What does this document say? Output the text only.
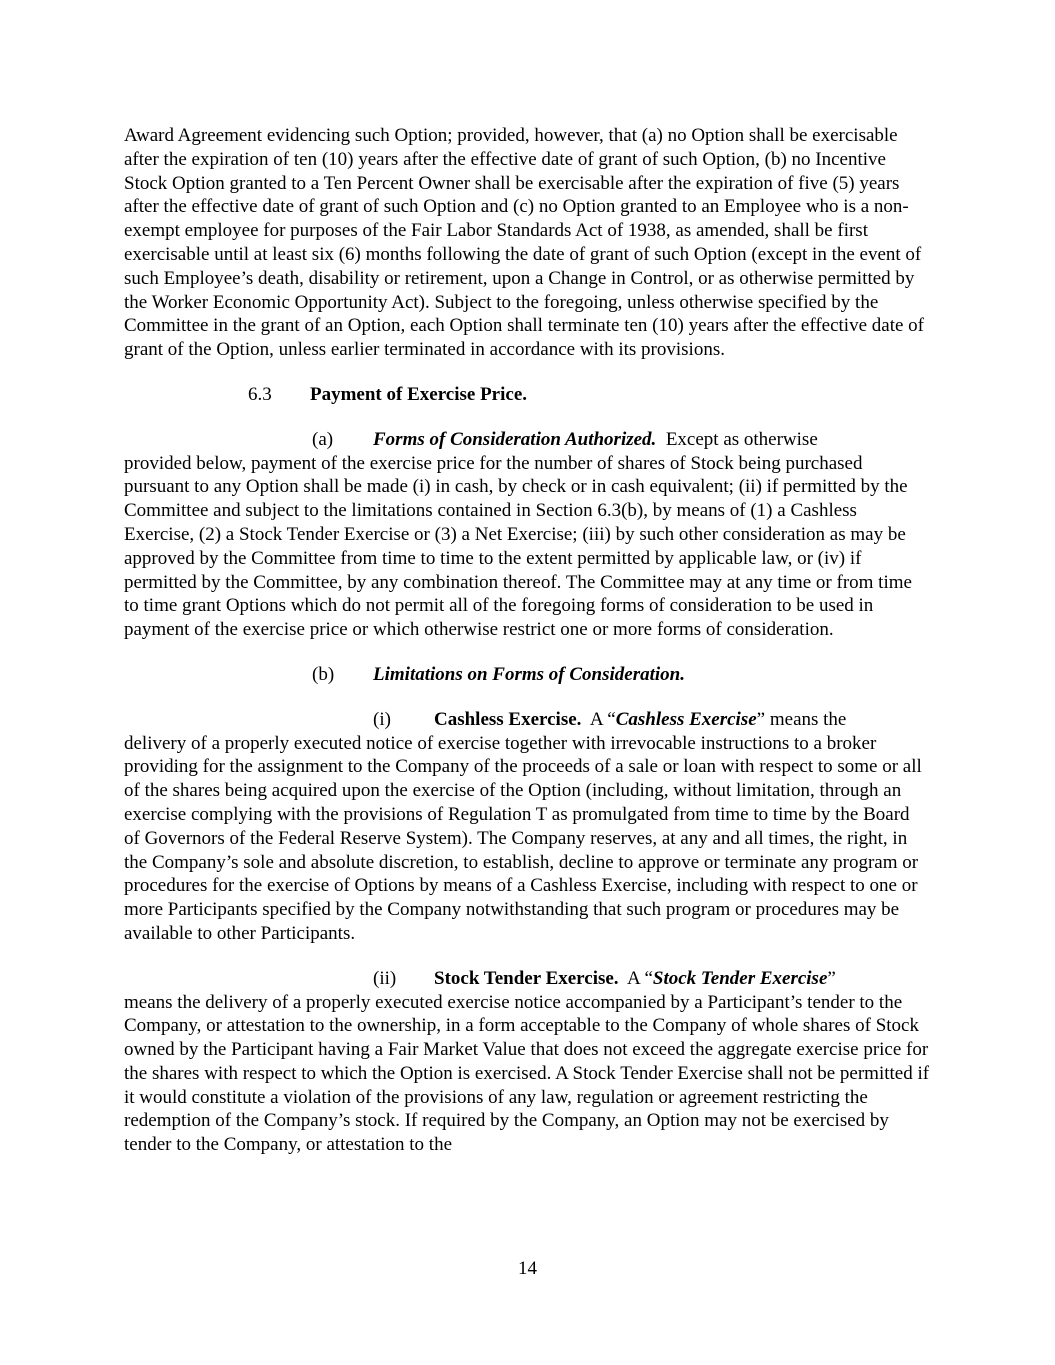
Award Agreement evidencing such Option; provided, however, that (a) no Option shall be exercisable after the expiration of ten (10) years after the effective date of grant of such Option, (b) no Incentive Stock Option granted to a Ten Percent Owner shall be exercisable after the expiration of five (5) years after the effective date of grant of such Option and (c) no Option granted to an Employee who is a non-exempt employee for purposes of the Fair Labor Standards Act of 1938, as amended, shall be first exercisable until at least six (6) months following the date of grant of such Option (except in the event of such Employee’s death, disability or retirement, upon a Change in Control, or as otherwise permitted by the Worker Economic Opportunity Act). Subject to the foregoing, unless otherwise specified by the Committee in the grant of an Option, each Option shall terminate ten (10) years after the effective date of grant of the Option, unless earlier terminated in accordance with its provisions.

6.3 Payment of Exercise Price.

(a) Forms of Consideration Authorized. Except as otherwise
provided below, payment of the exercise price for the number of shares of Stock being purchased pursuant to any Option shall be made (i) in cash, by check or in cash equivalent; (ii) if permitted by the Committee and subject to the limitations contained in Section 6.3(b), by means of (1) a Cashless Exercise, (2) a Stock Tender Exercise or (3) a Net Exercise; (iii) by such other consideration as may be approved by the Committee from time to time to the extent permitted by applicable law, or (iv) if permitted by the Committee, by any combination thereof. The Committee may at any time or from time to time grant Options which do not permit all of the foregoing forms of consideration to be used in payment of the exercise price or which otherwise restrict one or more forms of consideration.

(b) Limitations on Forms of Consideration.

(i) Cashless Exercise. A “Cashless Exercise” means the
delivery of a properly executed notice of exercise together with irrevocable instructions to a broker providing for the assignment to the Company of the proceeds of a sale or loan with respect to some or all of the shares being acquired upon the exercise of the Option (including, without limitation, through an exercise complying with the provisions of Regulation T as promulgated from time to time by the Board of Governors of the Federal Reserve System). The Company reserves, at any and all times, the right, in the Company’s sole and absolute discretion, to establish, decline to approve or terminate any program or procedures for the exercise of Options by means of a Cashless Exercise, including with respect to one or more Participants specified by the Company notwithstanding that such program or procedures may be available to other Participants.

(ii) Stock Tender Exercise. A “Stock Tender Exercise”
means the delivery of a properly executed exercise notice accompanied by a Participant’s tender to the Company, or attestation to the ownership, in a form acceptable to the Company of whole shares of Stock owned by the Participant having a Fair Market Value that does not exceed the aggregate exercise price for the shares with respect to which the Option is exercised. A Stock Tender Exercise shall not be permitted if it would constitute a violation of the provisions of any law, regulation or agreement restricting the redemption of the Company’s stock. If required by the Company, an Option may not be exercised by tender to the Company, or attestation to the

14
